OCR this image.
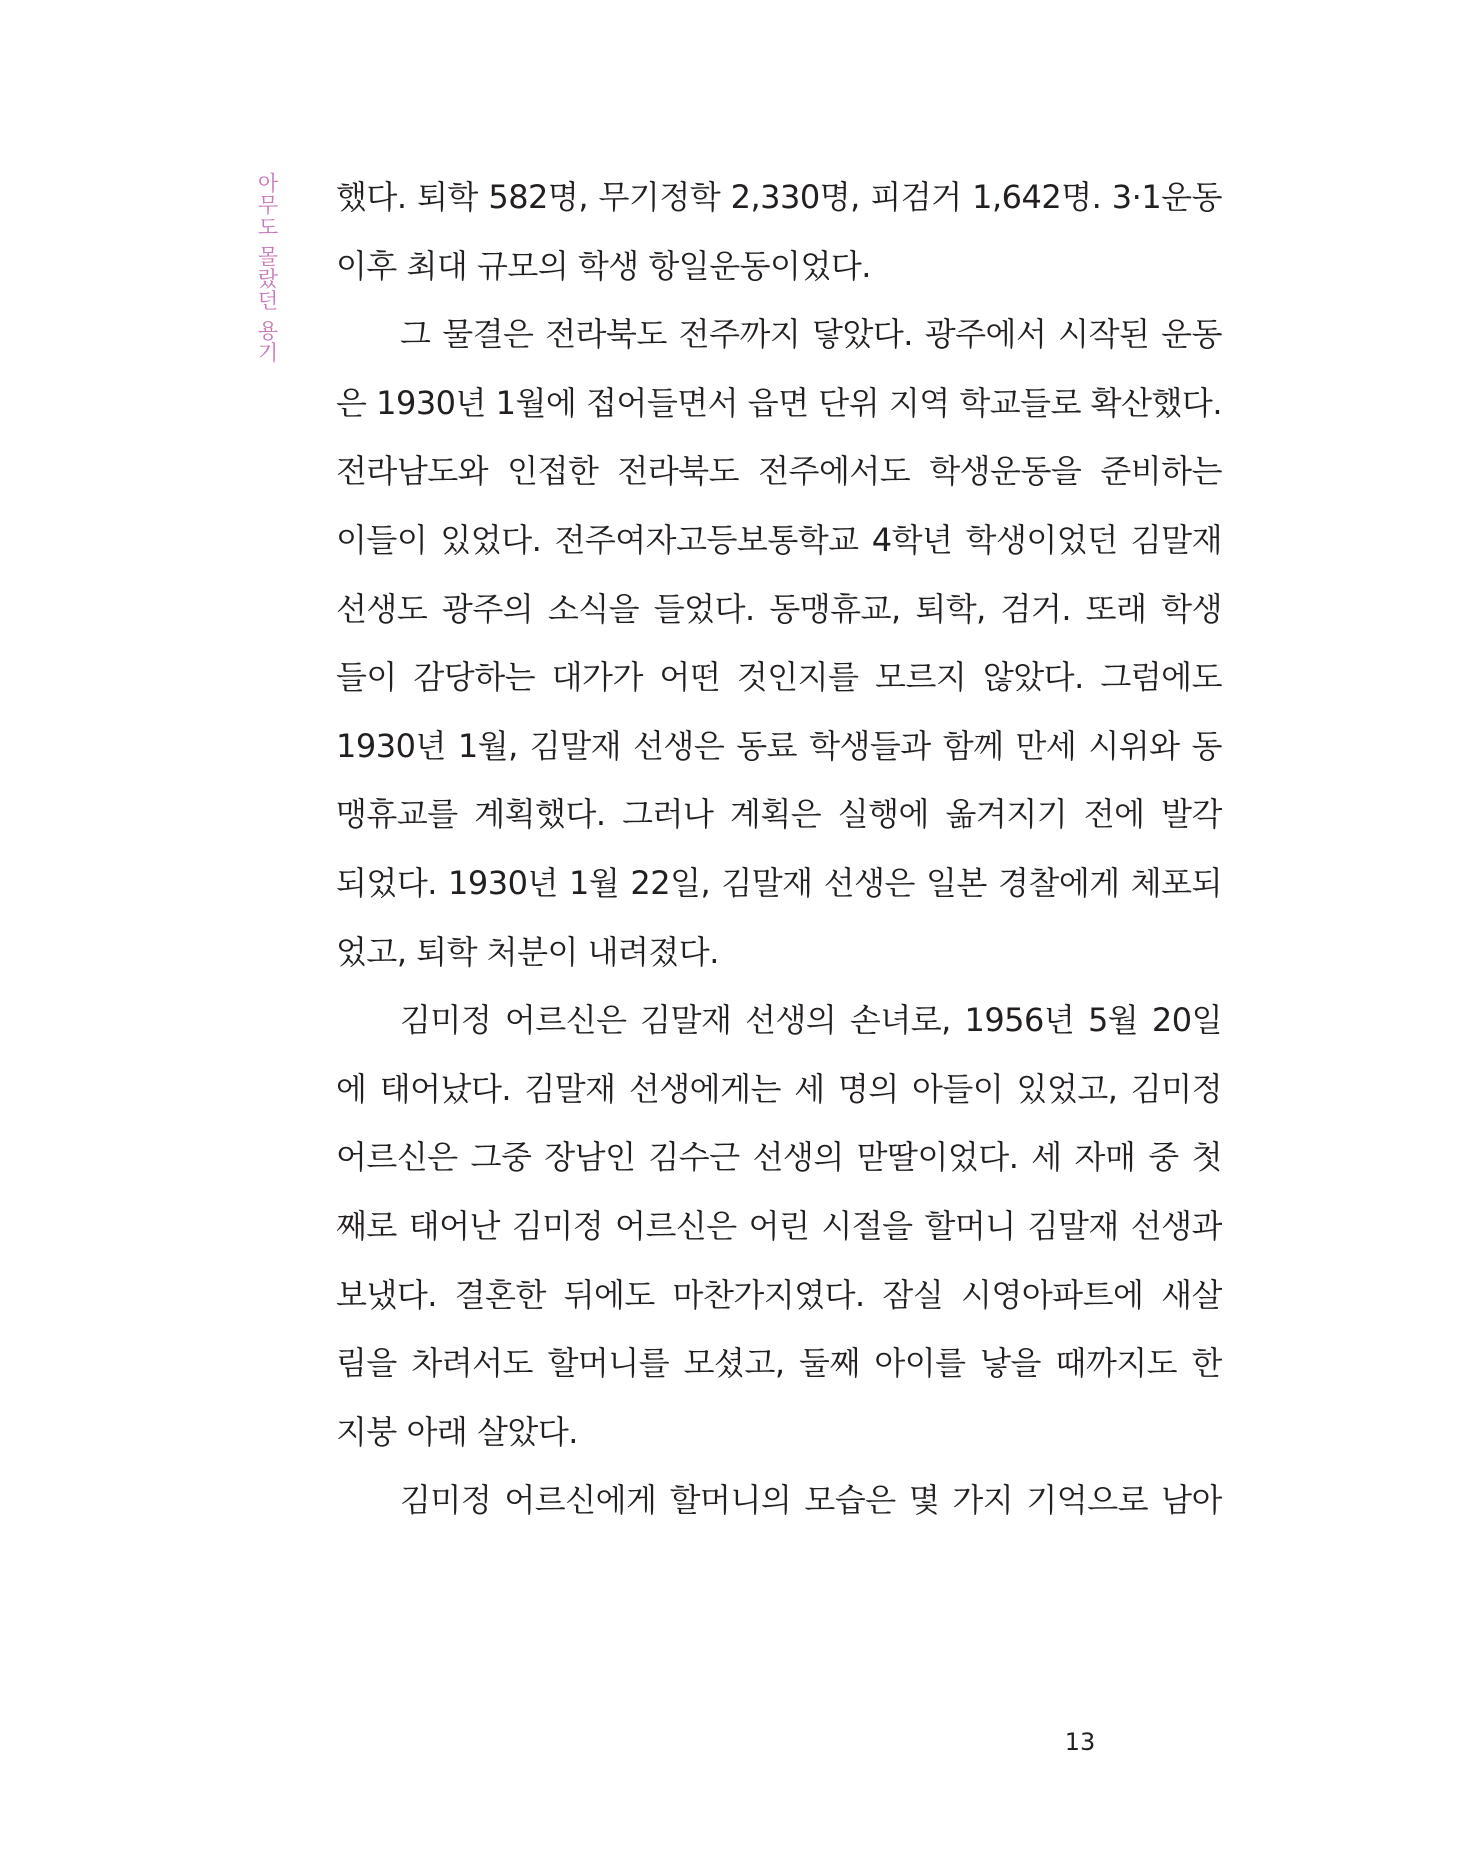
아무도 몰랐던 용기 했다. 퇴학 582명, 무기정학 2,330명, 피검거 1,642명. 3·1운동
이후 최대 규모의 학생 항일운동이었다.

그 물결은 전라북도 전주까지 닿았다. 광주에서 시작된 운동
은 1930년 1월에 접어들면서 읍면 단위 지역 학교들로 확산했다.
전라남도와 인접한 전라북도 전주에서도 학생운동을 준비하는
이들이 있었다. 전주여자고등보통학교 4학년 학생이었던 김말재
선생도 광주의 소식을 들었다. 동맹휴교, 퇴학, 검거. 또래 학생
들이 감당하는 대가가 어떤 것인지를 모르지 않았다. 그럼에도
1930년 1월, 김말재 선생은 동료 학생들과 함께 만세 시위와 동
맹휴교를 계획했다. 그러나 계획은 실행에 옮겨지기 전에 발각
되었다. 1930년 1월 22일, 김말재 선생은 일본 경찰에게 체포되
었고, 퇴학 처분이 내려졌다.

김미정 어르신은 김말재 선생의 손녀로, 1956년 5월 20일
에 태어났다. 김말재 선생에게는 세 명의 아들이 있었고, 김미정
어르신은 그중 장남인 김수근 선생의 맏딸이었다. 세 자매 중 첫
째로 태어난 김미정 어르신은 어린 시절을 할머니 김말재 선생과
보냈다. 결혼한 뒤에도 마찬가지였다. 잠실 시영아파트에 새살
림을 차려서도 할머니를 모셨고, 둘째 아이를 낳을 때까지도 한
지붕 아래 살았다.

김미정 어르신에게 할머니의 모습은 몇 가지 기억으로 남아

13
